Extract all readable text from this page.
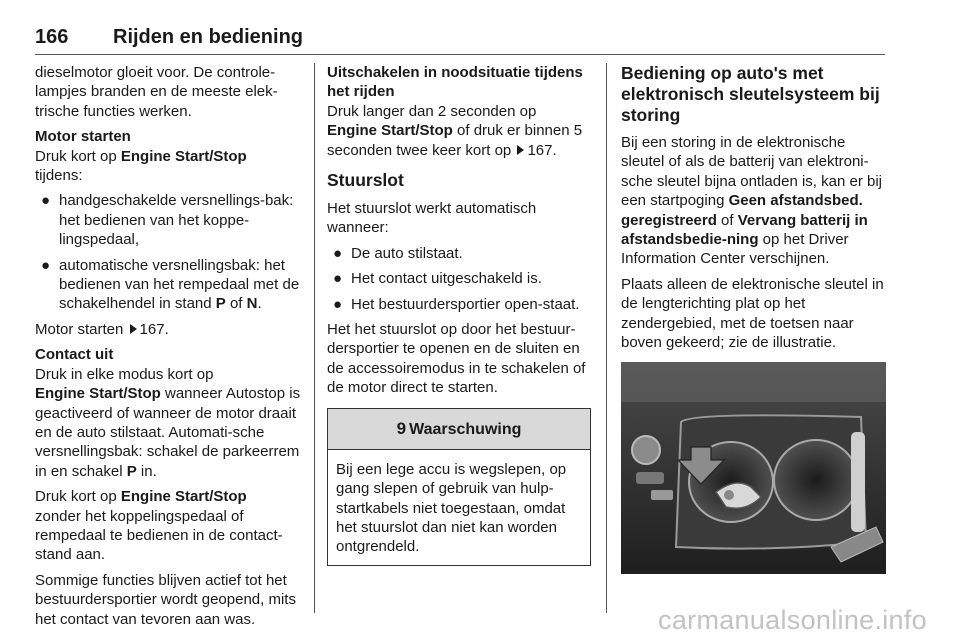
166 Rijden en bediening

dieselmotor gloeit voor. De controle-lampjes branden en de meeste elek-trische functies werken.

Motor starten
Druk kort op Engine Start/Stop
tijdens:

● handgeschakelde versnellings-bak: het bedienen van het koppe-lingspedaal,
● automatische versnellingsbak: het bedienen van het rempedaal met de schakelhendel in stand P of N.

Motor starten 167.

Contact uit
Druk in elke modus kort op
Engine Start/Stop wanneer Autostop is geactiveerd of wanneer de motor draait en de auto stilstaat. Automati-sche versnellingsbak: schakel de parkeerrem in en schakel P in.

Druk kort op Engine Start/Stop
zonder het koppelingspedaal of rempedaal te bedienen in de contact-stand aan.

Sommige functies blijven actief tot het bestuurdersportier wordt geopend, mits het contact van tevoren aan was.

Uitschakelen in noodsituatie tijdens het rijden
Druk langer dan 2 seconden op
Engine Start/Stop of druk er binnen 5 seconden twee keer kort op 167.

Stuurslot

Het stuurslot werkt automatisch wanneer:

● De auto stilstaat.
● Het contact uitgeschakeld is.
● Het bestuurdersportier open-staat.

Het het stuurslot op door het bestuur-dersportier te openen en de sluiten en de accessoiremodus in te schakelen of de motor direct te starten.

9 Waarschuwing
Bij een lege accu is wegslepen, op gang slepen of gebruik van hulp-startkabels niet toegestaan, omdat het stuurslot dan niet kan worden ontgrendeld.
Bediening op auto's met elektronisch sleutelsysteem bij storing

Bij een storing in de elektronische sleutel of als de batterij van elektroni-sche sleutel bijna ontladen is, kan er bij een startpoging Geen afstandsbed. geregistreerd of Vervang batterij in afstandsbedie-ning op het Driver Information Center verschijnen.

Plaats alleen de elektronische sleutel in de lengterichting plat op het zendergebied, met de toetsen naar boven gekeerd; zie de illustratie.

carmanualsonline.info
